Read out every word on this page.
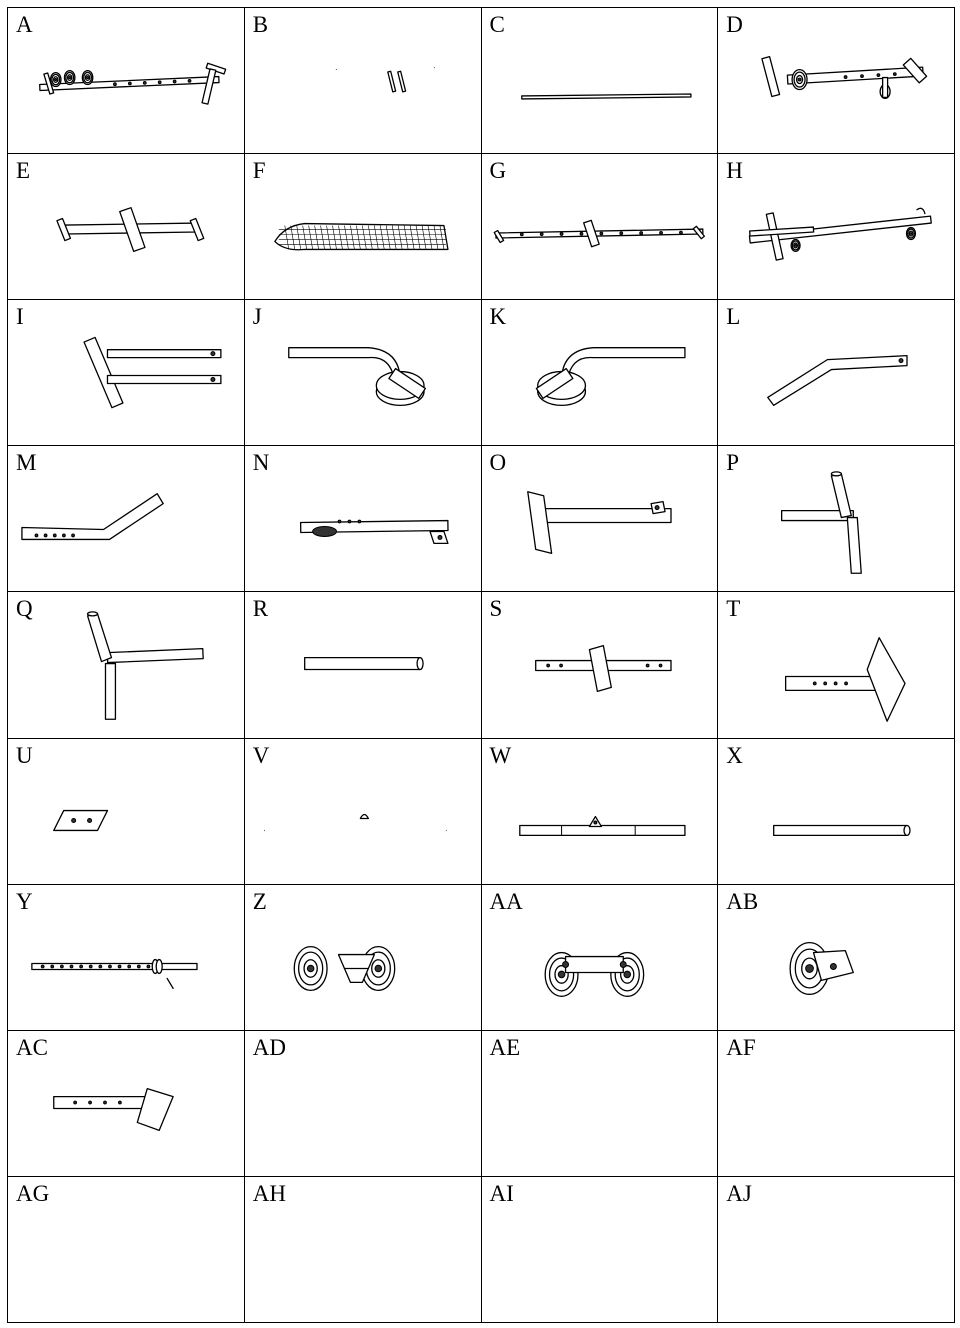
A	B	C	D
E	F	G	H
I	J	K	L
M	N	O	P
Q	R	S	T
U	V	W	X
Y	Z	AA	AB
AC	AD	AE	AF
AG	AH	AI	AJ
